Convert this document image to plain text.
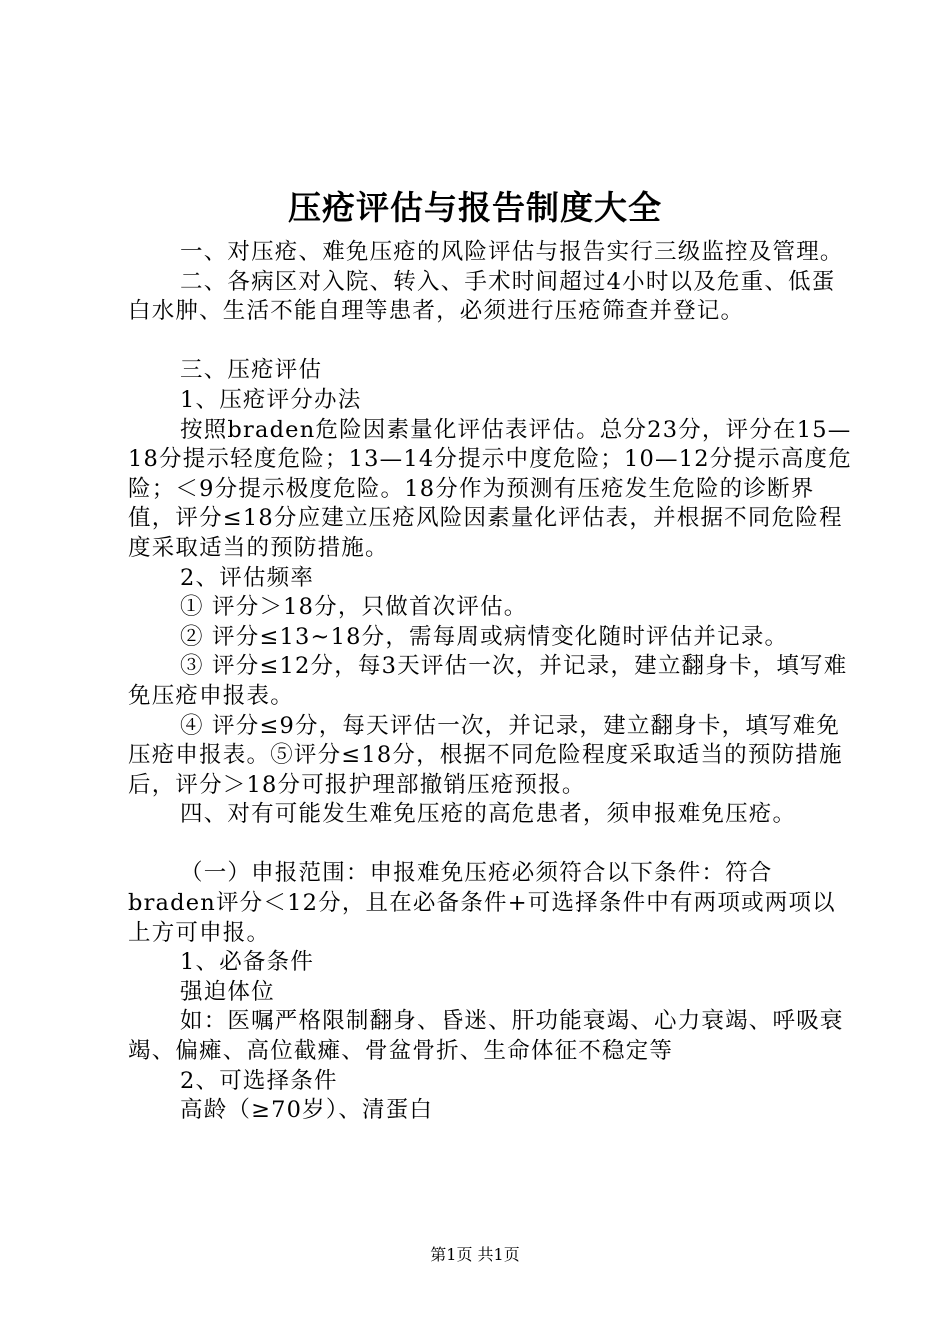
压疮评估与报告制度大全

一、对压疮、难免压疮的风险评估与报告实行三级监控及管理。

二、各病区对入院、转入、手术时间超过4小时以及危重、低蛋白水肿、生活不能自理等患者，必须进行压疮筛查并登记。

三、压疮评估

1、压疮评分办法

按照braden危险因素量化评估表评估。总分23分，评分在15—18分提示轻度危险；13—14分提示中度危险；10—12分提示高度危险；＜9分提示极度危险。18分作为预测有压疮发生危险的诊断界值，评分≤18分应建立压疮风险因素量化评估表，并根据不同危险程度采取适当的预防措施。

2、评估频率

① 评分＞18分，只做首次评估。

② 评分≤13~18分，需每周或病情变化随时评估并记录。

③ 评分≤12分，每3天评估一次，并记录，建立翻身卡，填写难免压疮申报表。

④ 评分≤9分，每天评估一次，并记录，建立翻身卡，填写难免压疮申报表。⑤评分≤18分，根据不同危险程度采取适当的预防措施后，评分＞18分可报护理部撤销压疮预报。

四、对有可能发生难免压疮的高危患者，须申报难免压疮。

（一）申报范围：申报难免压疮必须符合以下条件：符合braden评分＜12分，且在必备条件+可选择条件中有两项或两项以上方可申报。

1、必备条件

强迫体位

如：医嘱严格限制翻身、昏迷、肝功能衰竭、心力衰竭、呼吸衰竭、偏瘫、高位截瘫、骨盆骨折、生命体征不稳定等

2、可选择条件

高龄（≥70岁）、清蛋白

第1页 共1页
